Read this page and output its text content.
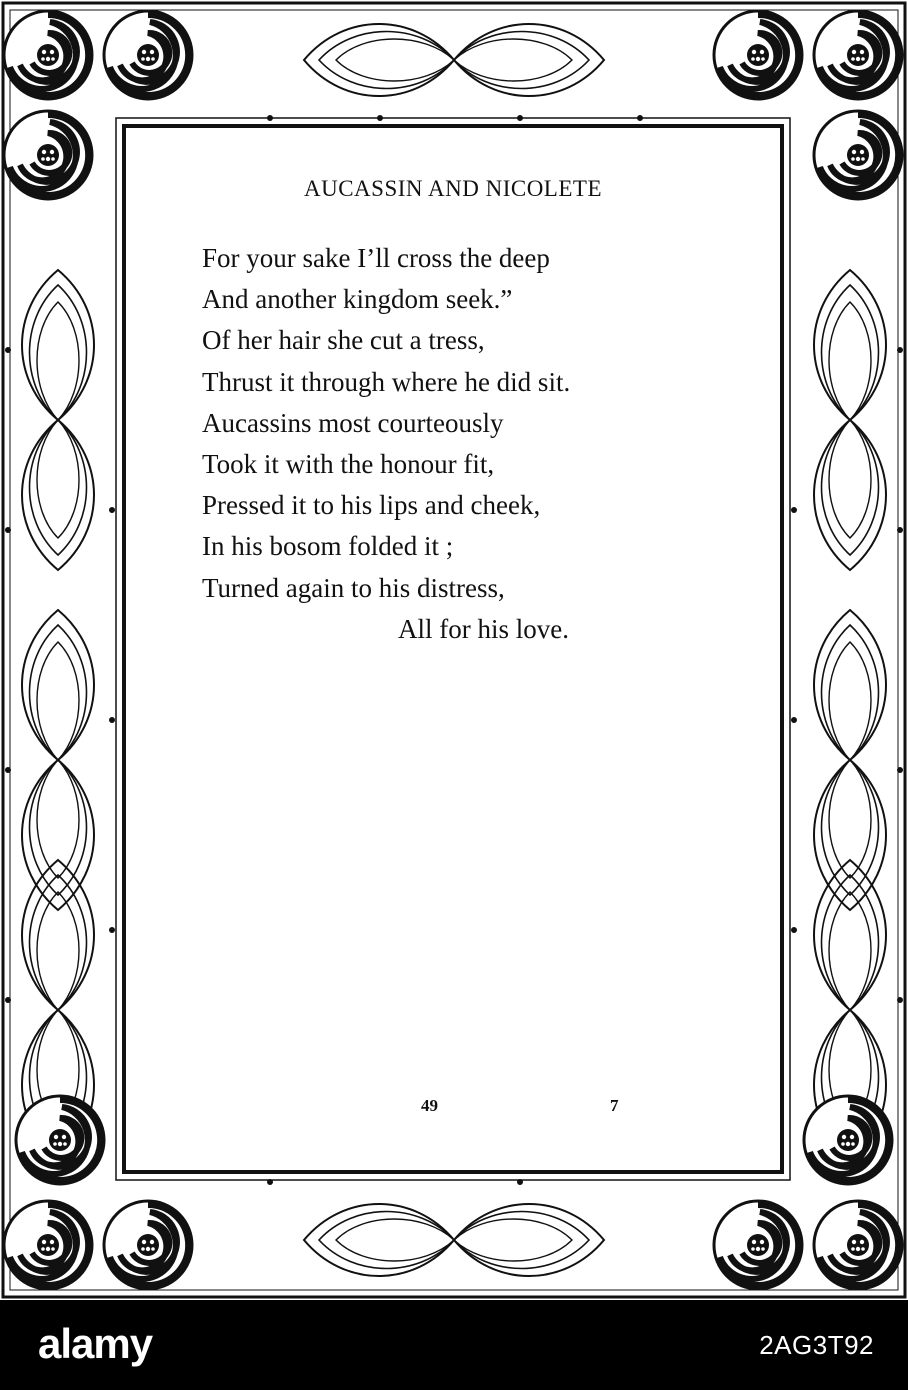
AUCASSIN AND NICOLETE
For your sake I’ll cross the deep
And another kingdom seek.”
Of her hair she cut a tress,
Thrust it through where he did sit.
Aucassins most courteously
Took it with the honour fit,
Pressed it to his lips and cheek,
In his bosom folded it ;
Turned again to his distress,
All for his love.
49	7
alamy	2AG3T92
